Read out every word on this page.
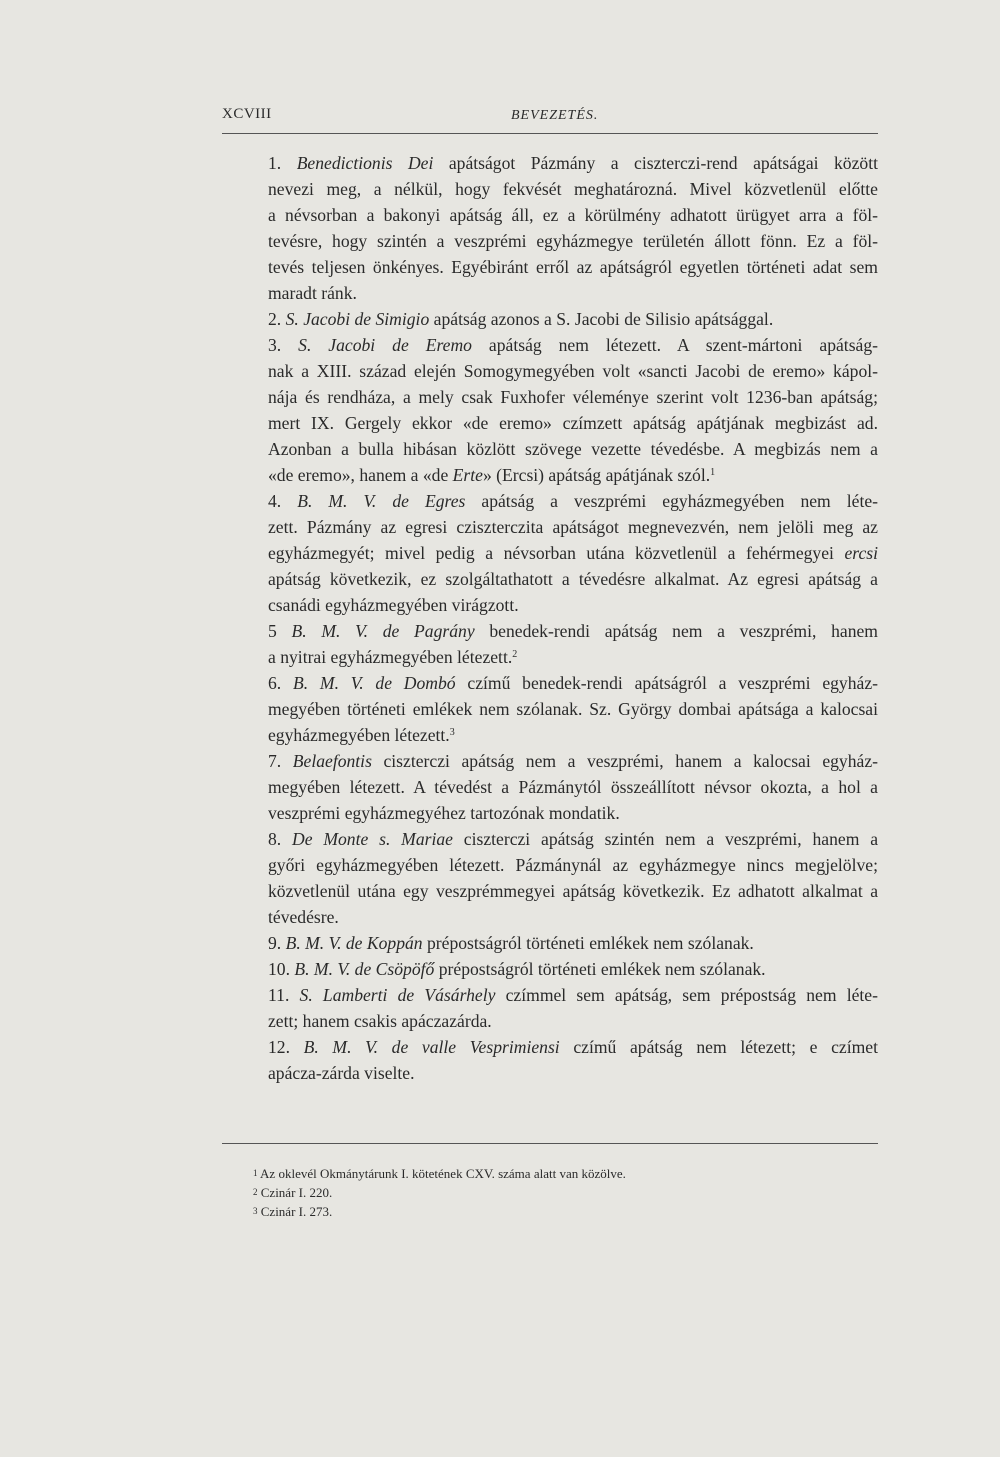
XCVIII	BEVEZETÉS.

1. Benedictionis Dei apátságot Pázmány a ciszterczi-rend apátságai között
nevezi meg, a nélkül, hogy fekvését meghatározná. Mivel közvetlenül előtte
a névsorban a bakonyi apátság áll, ez a körülmény adhatott ürügyet arra a föl-
tevésre, hogy szintén a veszprémi egyházmegye területén állott fönn. Ez a föl-
tevés teljesen önkényes. Egyébiránt erről az apátságról egyetlen történeti adat sem
maradt ránk.

2. S. Jacobi de Simigio apátság azonos a S. Jacobi de Silisio apátsággal.

3. S. Jacobi de Eremo apátság nem létezett. A szent-mártoni apátság-
nak a XIII. század elején Somogymegyében volt «sancti Jacobi de eremo» kápol-
nája és rendháza, a mely csak Fuxhofer véleménye szerint volt 1236-ban apátság;
mert IX. Gergely ekkor «de eremo» czímzett apátság apátjának megbizást ad.
Azonban a bulla hibásan közlött szövege vezette tévedésbe. A megbizás nem a
«de eremo», hanem a «de Erte» (Ercsi) apátság apátjának szól.$^1$

4. B. M. V. de Egres apátság a veszprémi egyházmegyében nem léte-
zett. Pázmány az egresi cziszterczita apátságot megnevezvén, nem jelöli meg az
egyházmegyét; mivel pedig a névsorban utána közvetlenül a fehérmegyei ercsi
apátság következik, ez szolgáltathatott a tévedésre alkalmat. Az egresi apátság a
csanádi egyházmegyében virágzott.

5 B. M. V. de Pagrány benedek-rendi apátság nem a veszprémi, hanem
a nyitrai egyházmegyében létezett.$^2$

6. B. M. V. de Dombó czímű benedek-rendi apátságról a veszprémi egyház-
megyében történeti emlékek nem szólanak. Sz. György dombai apátsága a kalocsai
egyházmegyében létezett.$^3$

7. Belaefontis ciszterczi apátság nem a veszprémi, hanem a kalocsai egyház-
megyében létezett. A tévedést a Pázmánytól összeállított névsor okozta, a hol a
veszprémi egyházmegyéhez tartozónak mondatik.

8. De Monte s. Mariae ciszterczi apátság szintén nem a veszprémi, hanem a
győri egyházmegyében létezett. Pázmánynál az egyházmegye nincs megjelölve;
közvetlenül utána egy veszprémmegyei apátság következik. Ez adhatott alkalmat a
tévedésre.

9. B. M. V. de Koppán prépostságról történeti emlékek nem szólanak.

10. B. M. V. de Csöpöfő prépostságról történeti emlékek nem szólanak.

11. S. Lamberti de Vásárhely czímmel sem apátság, sem prépostság nem léte-
zett; hanem csakis apáczazárda.

12. B. M. V. de valle Vesprimiensi czímű apátság nem létezett; e czímet
apácza-zárda viselte.

$^1$ Az oklevél Okmánytárunk I. kötetének CXV. száma alatt van közölve.
$^2$ Czinár I. 220.
$^3$ Czinár I. 273.
